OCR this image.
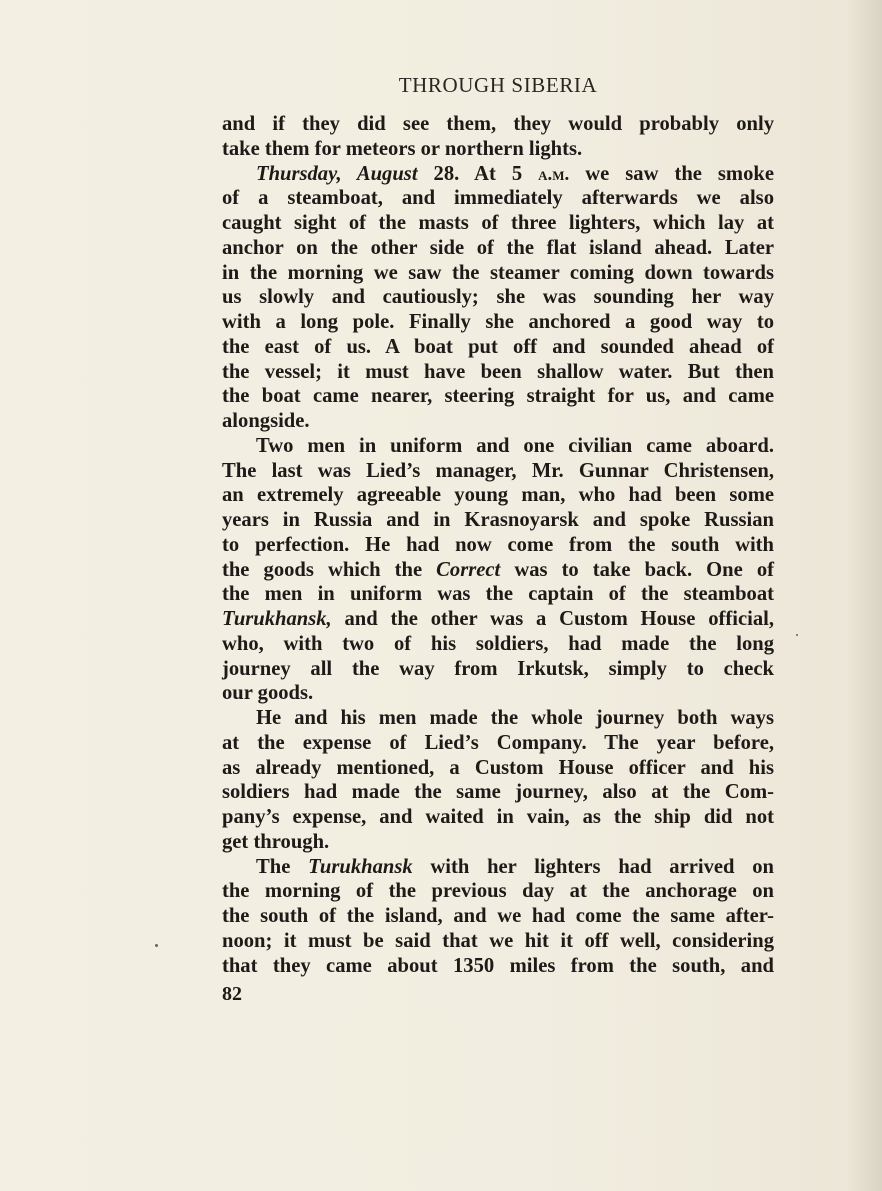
THROUGH SIBERIA
and if they did see them, they would probably only
take them for meteors or northern lights.
Thursday, August 28. At 5 a.m. we saw the smoke
of a steamboat, and immediately afterwards we also
caught sight of the masts of three lighters, which lay at
anchor on the other side of the flat island ahead. Later
in the morning we saw the steamer coming down towards
us slowly and cautiously; she was sounding her way
with a long pole. Finally she anchored a good way to
the east of us. A boat put off and sounded ahead of
the vessel; it must have been shallow water. But then
the boat came nearer, steering straight for us, and came
alongside.
Two men in uniform and one civilian came aboard.
The last was Lied’s manager, Mr. Gunnar Christensen,
an extremely agreeable young man, who had been some
years in Russia and in Krasnoyarsk and spoke Russian
to perfection. He had now come from the south with
the goods which the Correct was to take back. One of
the men in uniform was the captain of the steamboat
Turukhansk, and the other was a Custom House official,
who, with two of his soldiers, had made the long
journey all the way from Irkutsk, simply to check
our goods.
He and his men made the whole journey both ways
at the expense of Lied’s Company. The year before,
as already mentioned, a Custom House officer and his
soldiers had made the same journey, also at the Com-
pany’s expense, and waited in vain, as the ship did not
get through.
The Turukhansk with her lighters had arrived on
the morning of the previous day at the anchorage on
the south of the island, and we had come the same after-
noon; it must be said that we hit it off well, considering
that they came about 1350 miles from the south, and
82
